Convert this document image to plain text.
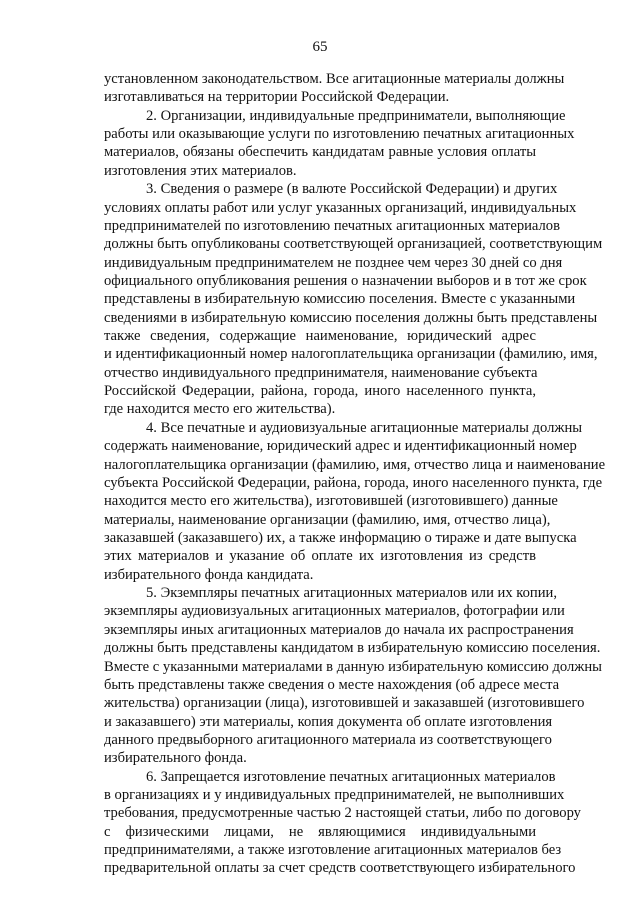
65
установленном законодательством. Все агитационные материалы должны
изготавливаться на территории Российской Федерации.
2. Организации, индивидуальные предприниматели, выполняющие
работы или оказывающие услуги по изготовлению печатных агитационных
материалов, обязаны обеспечить кандидатам равные условия оплаты
изготовления этих материалов.
3. Сведения о размере (в валюте Российской Федерации) и других
условиях оплаты работ или услуг указанных организаций, индивидуальных
предпринимателей по изготовлению печатных агитационных материалов
должны быть опубликованы соответствующей организацией, соответствующим
индивидуальным предпринимателем не позднее чем через 30 дней со дня
официального опубликования решения о назначении выборов и в тот же срок
представлены в избирательную комиссию поселения. Вместе с указанными
сведениями в избирательную комиссию поселения должны быть представлены
также сведения, содержащие наименование, юридический адрес
и идентификационный номер налогоплательщика организации (фамилию, имя,
отчество индивидуального предпринимателя, наименование субъекта
Российской Федерации, района, города, иного населенного пункта,
где находится место его жительства).
4. Все печатные и аудиовизуальные агитационные материалы должны
содержать наименование, юридический адрес и идентификационный номер
налогоплательщика организации (фамилию, имя, отчество лица и наименование
субъекта Российской Федерации, района, города, иного населенного пункта, где
находится место его жительства), изготовившей (изготовившего) данные
материалы, наименование организации (фамилию, имя, отчество лица),
заказавшей (заказавшего) их, а также информацию о тираже и дате выпуска
этих материалов и указание об оплате их изготовления из средств
избирательного фонда кандидата.
5. Экземпляры печатных агитационных материалов или их копии,
экземпляры аудиовизуальных агитационных материалов, фотографии или
экземпляры иных агитационных материалов до начала их распространения
должны быть представлены кандидатом в избирательную комиссию поселения.
Вместе с указанными материалами в данную избирательную комиссию должны
быть представлены также сведения о месте нахождения (об адресе места
жительства) организации (лица), изготовившей и заказавшей (изготовившего
и заказавшего) эти материалы, копия документа об оплате изготовления
данного предвыборного агитационного материала из соответствующего
избирательного фонда.
6. Запрещается изготовление печатных агитационных материалов
в организациях и у индивидуальных предпринимателей, не выполнивших
требования, предусмотренные частью 2 настоящей статьи, либо по договору
с физическими лицами, не являющимися индивидуальными
предпринимателями, а также изготовление агитационных материалов без
предварительной оплаты за счет средств соответствующего избирательного
